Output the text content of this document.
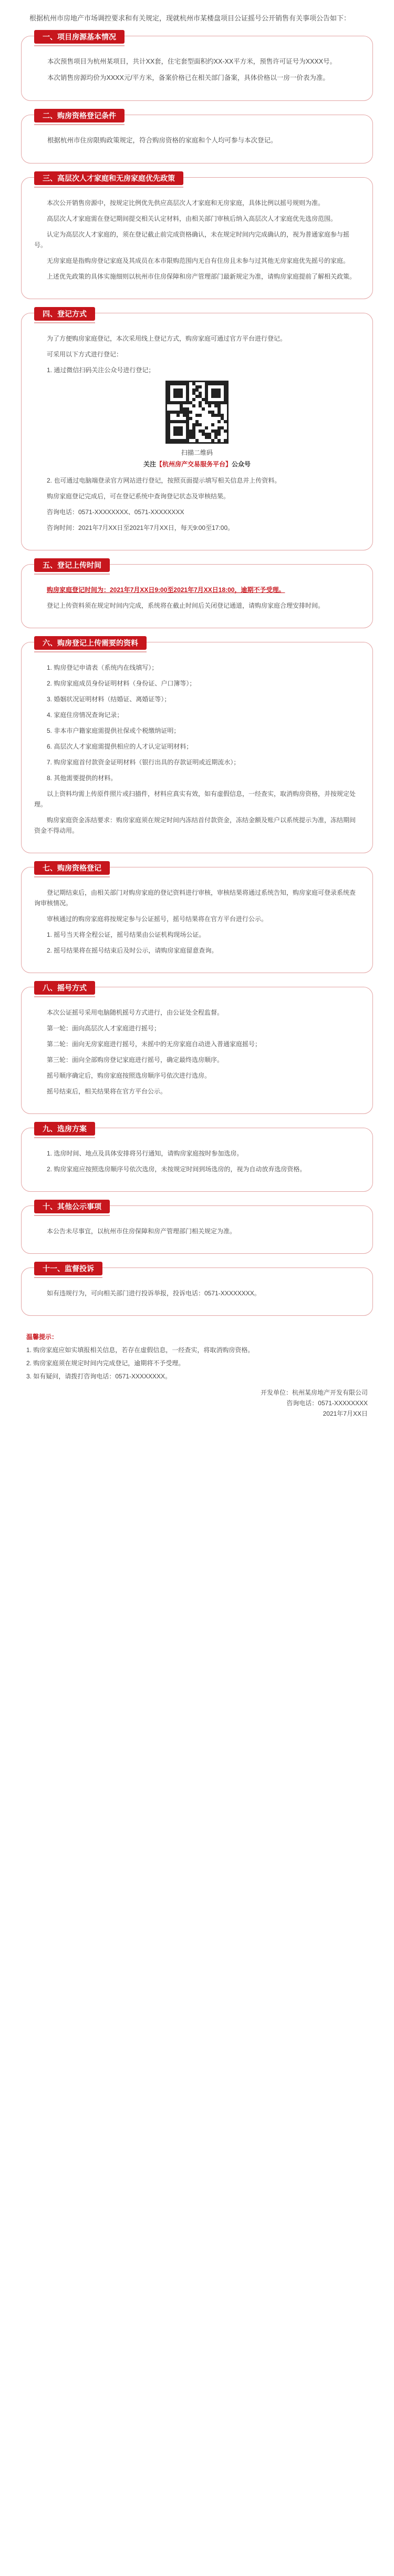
根据杭州市房地产市场调控要求和有关规定，现就杭州市某楼盘项目公证摇号公开销售有关事项公告如下：

一、项目房源基本情况

本次预售项目为杭州某项目，共计XX套，住宅套型面积约XX-XX平方米，预售许可证号为XXXX号。

本次销售房源均价为XXXX元/平方米，备案价格已在相关部门备案，具体价格以一房一价表为准。

二、购房资格登记条件

根据杭州市住房限购政策规定，符合购房资格的家庭和个人均可参与本次登记。

三、高层次人才家庭和无房家庭优先政策

本次公开销售房源中，按规定比例优先供应高层次人才家庭和无房家庭，具体比例以摇号规则为准。

高层次人才家庭需在登记期间提交相关认定材料，由相关部门审核后纳入高层次人才家庭优先选房范围。

认定为高层次人才家庭的，须在登记截止前完成资格确认，未在规定时间内完成确认的，视为普通家庭参与摇号。

无房家庭是指购房登记家庭及其成员在本市限购范围内无自有住房且未参与过其他无房家庭优先摇号的家庭。

上述优先政策的具体实施细则以杭州市住房保障和房产管理部门最新规定为准，请购房家庭提前了解相关政策。

四、登记方式

为了方便购房家庭登记，本次采用线上登记方式，购房家庭可通过官方平台进行登记。

可采用以下方式进行登记：

1. 通过微信扫码关注公众号进行登记；

扫描二维码
关注【杭州房产交易服务平台】公众号

2. 也可通过电脑端登录官方网站进行登记，按照页面提示填写相关信息并上传资料。

购房家庭登记完成后，可在登记系统中查询登记状态及审核结果。

咨询电话：0571-XXXXXXXX、0571-XXXXXXXX

咨询时间：2021年7月XX日至2021年7月XX日，每天9:00至17:00。

五、登记上传时间

购房家庭登记时间为：2021年7月XX日9:00至2021年7月XX日18:00，逾期不予受理。

登记上传资料须在规定时间内完成，系统将在截止时间后关闭登记通道，请购房家庭合理安排时间。

六、购房登记上传需要的资料

1. 购房登记申请表（系统内在线填写）；

2. 购房家庭成员身份证明材料（身份证、户口簿等）；

3. 婚姻状况证明材料（结婚证、离婚证等）；

4. 家庭住房情况查询记录；

5. 非本市户籍家庭需提供社保或个税缴纳证明；

6. 高层次人才家庭需提供相应的人才认定证明材料；

7. 购房家庭首付款资金证明材料（银行出具的存款证明或近期流水）；

8. 其他需要提供的材料。

以上资料均需上传原件照片或扫描件，材料应真实有效，如有虚假信息，一经查实，取消购房资格，并按规定处理。

购房家庭资金冻结要求：购房家庭须在规定时间内冻结首付款资金，冻结金额及账户以系统提示为准，冻结期间资金不得动用。

七、购房资格登记

登记期结束后，由相关部门对购房家庭的登记资料进行审核，审核结果将通过系统告知，购房家庭可登录系统查询审核情况。

审核通过的购房家庭将按规定参与公证摇号，摇号结果将在官方平台进行公示。

1. 摇号当天将全程公证，摇号结果由公证机构现场公证。

2. 摇号结果将在摇号结束后及时公示，请购房家庭留意查询。

八、摇号方式

本次公证摇号采用电脑随机摇号方式进行，由公证处全程监督。

第一轮：面向高层次人才家庭进行摇号；

第二轮：面向无房家庭进行摇号，未摇中的无房家庭自动进入普通家庭摇号；

第三轮：面向全部购房登记家庭进行摇号，确定最终选房顺序。

摇号顺序确定后，购房家庭按照选房顺序号依次进行选房。

摇号结束后，相关结果将在官方平台公示。

九、选房方案

1. 选房时间、地点及具体安排将另行通知，请购房家庭按时参加选房。

2. 购房家庭应按照选房顺序号依次选房，未按规定时间到场选房的，视为自动放弃选房资格。

十、其他公示事项

本公告未尽事宜，以杭州市住房保障和房产管理部门相关规定为准。

十一、监督投诉

如有违规行为，可向相关部门进行投诉举报，投诉电话：0571-XXXXXXXX。

温馨提示：

1. 购房家庭应如实填报相关信息，若存在虚假信息，一经查实，将取消购房资格。

2. 购房家庭须在规定时间内完成登记，逾期将不予受理。

3. 如有疑问，请拨打咨询电话：0571-XXXXXXXX。

开发单位：杭州某房地产开发有限公司
咨询电话：0571-XXXXXXXX
2021年7月XX日
